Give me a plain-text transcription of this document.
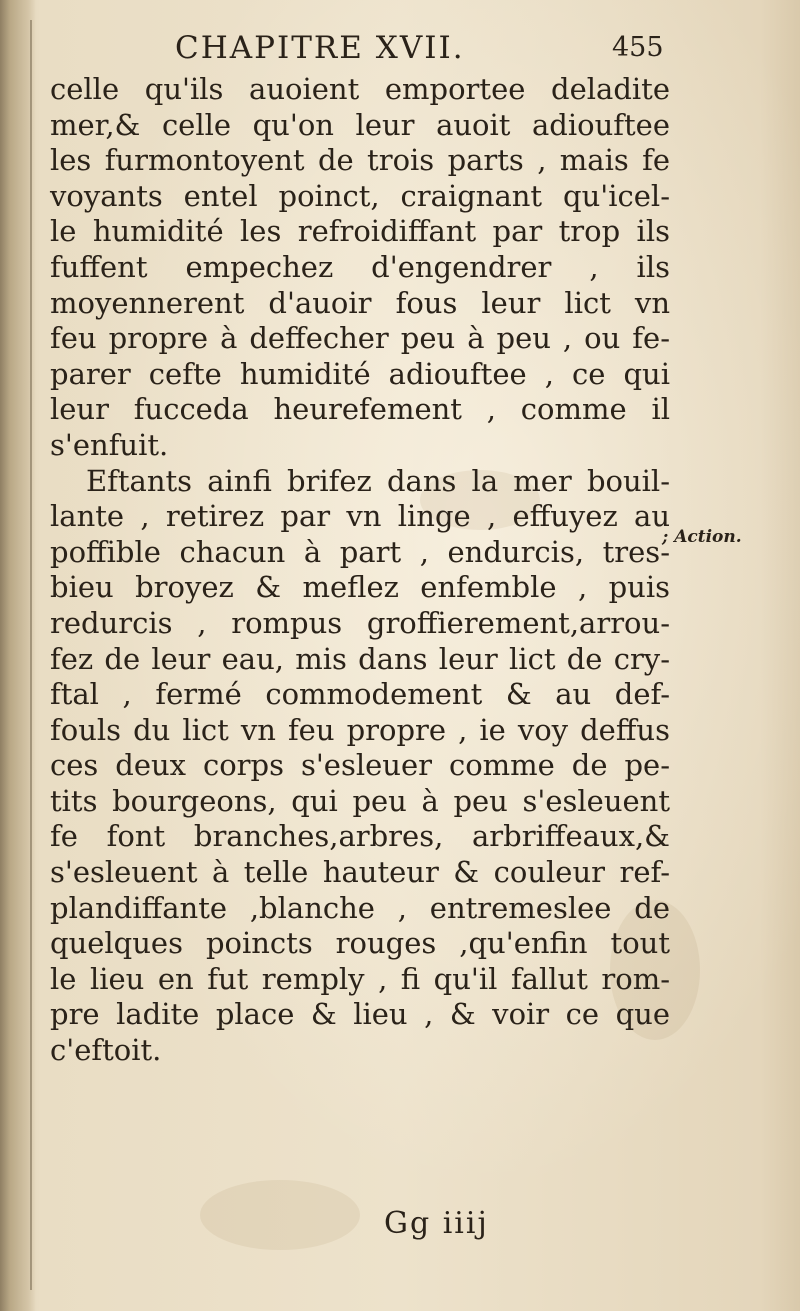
CHAPITRE XVII.	455
celle qu'ils auoient emportee deladite
mer,& celle qu'on leur auoit adiouftee
les furmontoyent de trois parts , mais fe
voyants entel poinct, craignant qu'icel-
le humidité les refroidiffant par trop ils
fuffent empechez d'engendrer , ils
moyennerent d'auoir fous leur lict vn
feu propre à deffecher peu à peu , ou fe-
parer cefte humidité adiouftee , ce qui
leur fucceda heurefement , comme il
s'enfuit.
Eftants ainfi brifez dans la mer bouil-
lante , retirez par vn linge , effuyez au
poffible chacun à part , endurcis, tres-
bieu broyez & meflez enfemble , puis
redurcis , rompus groffierement,arrou-
fez de leur eau, mis dans leur lict de cry-
ftal , fermé commodement & au def-
fouls du lict vn feu propre , ie voy deffus
ces deux corps s'esleuer comme de pe-
tits bourgeons, qui peu à peu s'esleuent
fe font branches,arbres, arbriffeaux,&
s'esleuent à telle hauteur & couleur ref-
plandiffante ,blanche , entremeslee de
quelques poincts rouges ,qu'enfin tout
le lieu en fut remply , fi qu'il fallut rom-
pre ladite place & lieu , & voir ce que
c'eftoit.
; Action.
Gg iiij
